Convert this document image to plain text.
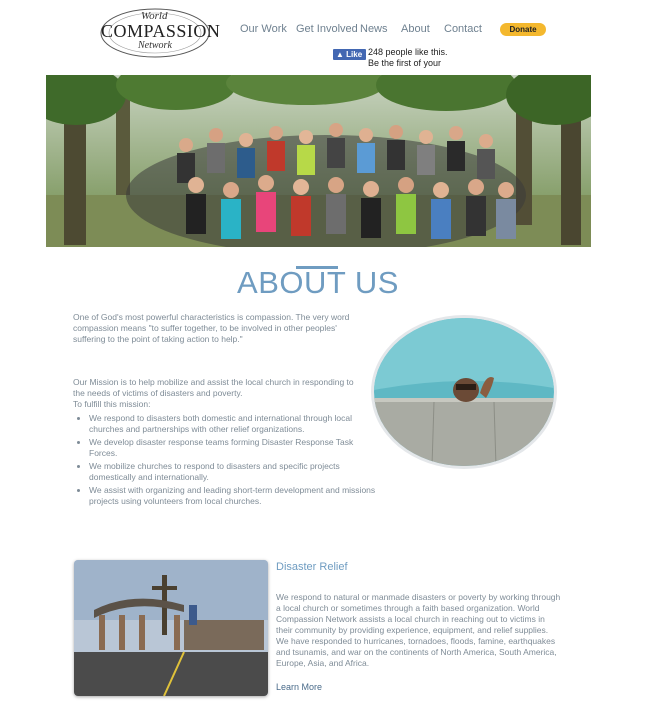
World
COMPASSION
Network
Our Work Get Involved News About Contact	Donate
▲ Like 248 people like this.
Be the first of your
ABOUT US
One of God's most powerful characteristics is compassion. The very word compassion means "to suffer together, to be involved in other peoples' suffering to the point of taking action to help."
Our Mission is to help mobilize and assist the local church in responding to the needs of victims of disasters and poverty.
To fulfill this mission:
• We respond to disasters both domestic and international through local churches and partnerships with other relief organizations.
• We develop disaster response teams forming Disaster Response Task Forces.
• We mobilize churches to respond to disasters and specific projects domestically and internationally.
• We assist with organizing and leading short-term development and missions projects using volunteers from local churches.
Disaster Relief
We respond to natural or manmade disasters or poverty by working through a local church or sometimes through a faith based organization. World Compassion Network assists a local church in reaching out to victims in their community by providing experience, equipment, and relief supplies. We have responded to hurricanes, tornadoes, floods, famine, earthquakes and tsunamis, and war on the continents of North America, South America, Europe, Asia, and Africa.
Learn More
